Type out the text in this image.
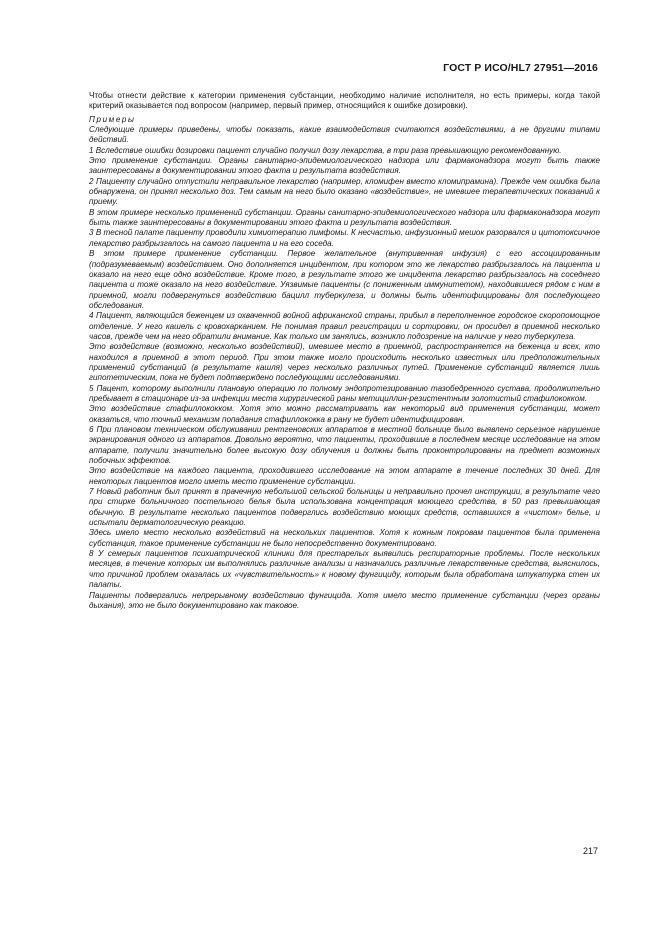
ГОСТ Р ИСО/HL7 27951—2016

Чтобы отнести действие к категории применения субстанции, необходимо наличие исполнителя, но есть примеры, когда такой критерий оказывается под вопросом (например, первый пример, относящийся к ошибке дозировки).

Примеры

Следующие примеры приведены, чтобы показать, какие взаимодействия считаются воздействиями, а не другими типами действий.

1 Вследствие ошибки дозировки пациент случайно получил дозу лекарства, в три раза превышающую рекомендованную.

Это применение субстанции. Органы санитарно-эпидемиологического надзора или фармаконадзора могут быть также заинтересованы в документировании этого факта и результата воздействия.

2 Пациенту случайно отпустили неправильное лекарство (например, кломифен вместо кломипрамина). Прежде чем ошибка была обнаружена, он принял несколько доз. Тем самым на него было оказано «воздействие», не имевшее терапевтических показаний к приему.

В этом примере несколько применений субстанции. Органы санитарно-эпидемиологического надзора или фармаконадзора могут быть также заинтересованы в документировании этого факта и результата воздействия.

3 В тесной палате пациенту проводили химиотерапию лимфомы. К несчастью, инфузионный мешок разорвался и цитотоксичное лекарство разбрызгалось на самого пациента и на его соседа.

В этом примере применение субстанции. Первое желательное (внутривенная инфузия) с его ассоциированным (подразумеваемым) воздействием. Оно дополняется инцидентом, при котором это же лекарство разбрызгалось на пациента и оказало на него еще одно воздействие. Кроме того, в результате этого же инцидента лекарство разбрызгалось на соседнего пациента и тоже оказало на него воздействие. Уязвимые пациенты (с пониженным иммунитетом), находившиеся рядом с ним в приемной, могли подвергнуться воздействию бацилл туберкулеза, и должны быть идентифицированы для последующего обследования.

4 Пациент, являющийся беженцем из охваченной войной африканской страны, прибыл в переполненное городское скоропомощное отделение. У него кашель с кровохарканием. Не понимая правил регистрации и сортировки, он просидел в приемной несколько часов, прежде чем на него обратили внимание. Как только им занялись, возникло подозрение на наличие у него туберкулеза.

Это воздействие (возможно, несколько воздействий), имевшее место в приемной, распространяется на беженца и всех, кто находился в приемной в этот период. При этом также могло происходить несколько известных или предположительных применений субстанций (в результате кашля) через несколько различных путей. Применение субстанций является лишь гипотетическим, пока не будет подтверждено последующими исследованиями.

5 Пацент, которому выполнили плановую операцию по полному эндопротезированию тазобедренного сустава, продолжительно пребывает в стационаре из-за инфекции места хирургической раны метициллин-резистентным золотистый стафилококком.

Это воздействие стафиллококком. Хотя это можно рассматривать как некоторый вид применения субстанции, может оказаться, что точный механизм попадания стафиллококка в рану не будет идентифицирован.

6 При плановом техническом обслуживании рентгеновских аппаратов в местной больнице было выявлено серьезное нарушение экранирования одного из аппаратов. Довольно вероятно, что пациенты, проходившие в последнем месяце исследование на этом аппарате, получили значительно более высокую дозу облучения и должны быть проконтролированы на предмет возможных побочных эффектов.

Это воздействие на каждого пациента, проходившего исследование на этом аппарате в течение последних 30 дней. Для некоторых пациентов могло иметь место применение субстанции.

7 Новый работник был принят в прачечную небольшой сельской больницы и неправильно прочел инструкции, в результате чего при стирке больничного постельного белья была использована концентрация моющего средства, в 50 раз превышающая обычную. В результате несколько пациентов подверглись воздействию моющих средств, оставшихся в «чистом» белье, и испытали дерматологическую реакцию.

Здесь имело место несколько воздействий на нескольких пациентов. Хотя к кожным покровам пациентов была применена субстанция, такое применение субстанции не было непосредственно документировано.

8 У семерых пациентов психиатрической клиники для престарелых выявились респираторные проблемы. После нескольких месяцев, в течение которых им выполнялись различные анализы и назначались различные лекарственные средства, выяснилось, что причиной проблем оказалась их «чувствительность» к новому фунгициду, которым была обработана штукатурка стен их палаты.

Пациенты подвергались непрерывному воздействию фунгицида. Хотя имело место применение субстанции (через органы дыхания), это не было документировано как таковое.

217
